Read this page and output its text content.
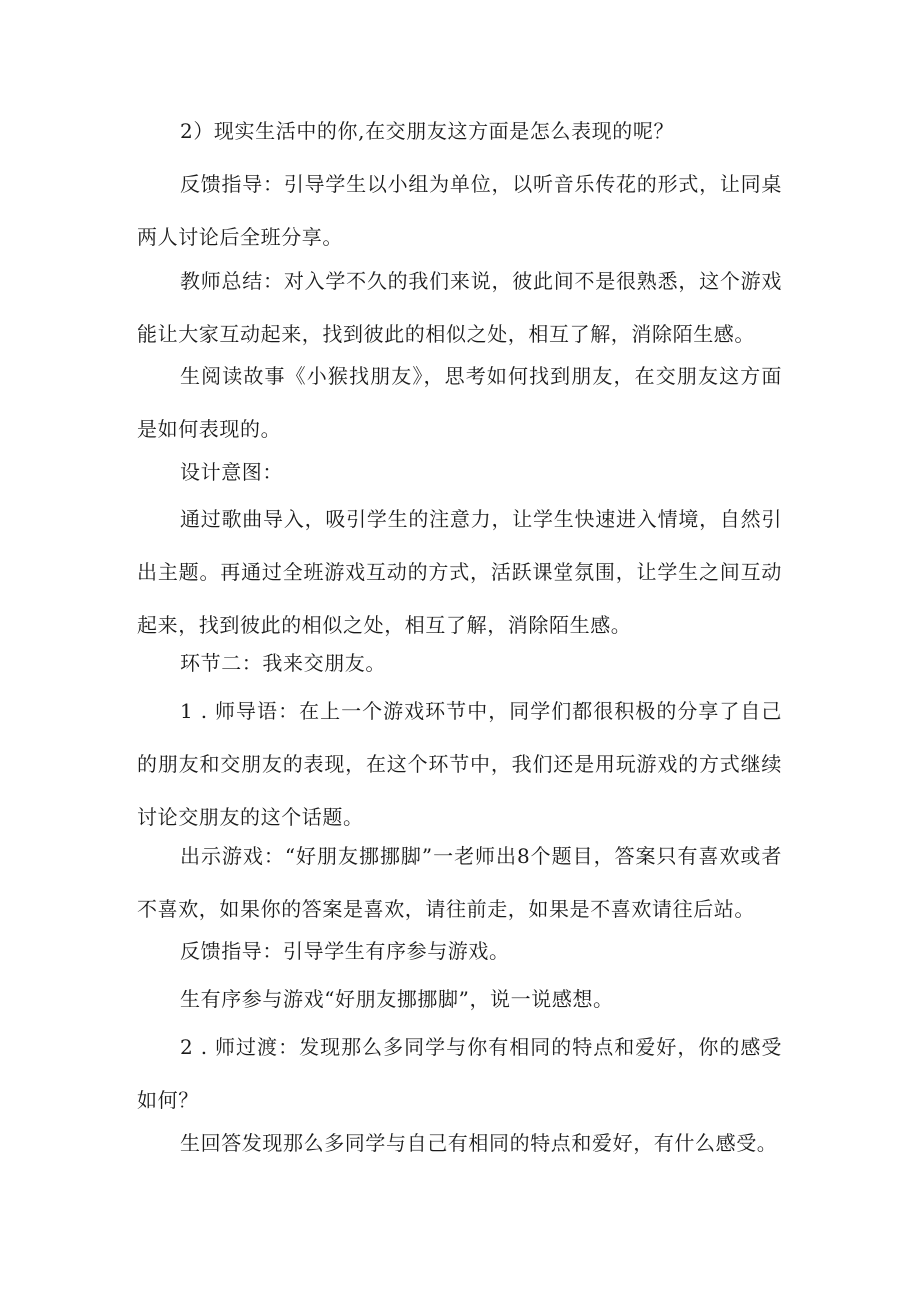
2）现实生活中的你,在交朋友这方面是怎么表现的呢？

反馈指导：引导学生以小组为单位，以听音乐传花的形式，让同桌两人讨论后全班分享。

教师总结：对入学不久的我们来说，彼此间不是很熟悉，这个游戏能让大家互动起来，找到彼此的相似之处，相互了解，消除陌生感。

生阅读故事《小猴找朋友》，思考如何找到朋友，在交朋友这方面是如何表现的。

设计意图：

通过歌曲导入，吸引学生的注意力，让学生快速进入情境，自然引出主题。再通过全班游戏互动的方式，活跃课堂氛围，让学生之间互动起来，找到彼此的相似之处，相互了解，消除陌生感。

环节二：我来交朋友。

1 . 师导语：在上一个游戏环节中，同学们都很积极的分享了自己的朋友和交朋友的表现，在这个环节中，我们还是用玩游戏的方式继续讨论交朋友的这个话题。

出示游戏：“好朋友挪挪脚”一老师出8个题目，答案只有喜欢或者不喜欢，如果你的答案是喜欢，请往前走，如果是不喜欢请往后站。

反馈指导：引导学生有序参与游戏。

生有序参与游戏“好朋友挪挪脚”，说一说感想。

2 . 师过渡：发现那么多同学与你有相同的特点和爱好，你的感受如何？

生回答发现那么多同学与自己有相同的特点和爱好，有什么感受。
